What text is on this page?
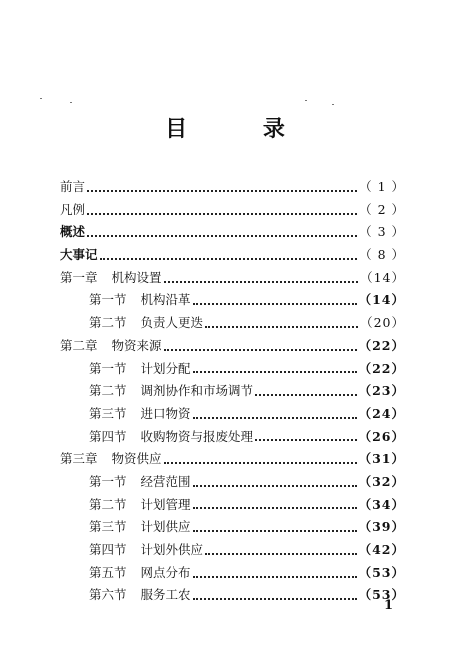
目 录
前言	（ 1 ）
凡例	（ 2 ）
概述	（ 3 ）
大事记	（ 8 ）
第一章 机构设置	（14）
第一节 机构沿革	（14）
第二节 负责人更迭	（20）
第二章 物资来源	（22）
第一节 计划分配	（22）
第二节 调剂协作和市场调节	（23）
第三节 进口物资	（24）
第四节 收购物资与报废处理	（26）
第三章 物资供应	（31）
第一节 经营范围	（32）
第二节 计划管理	（34）
第三节 计划供应	（39）
第四节 计划外供应	（42）
第五节 网点分布	（53）
第六节 服务工农	（53）
1
